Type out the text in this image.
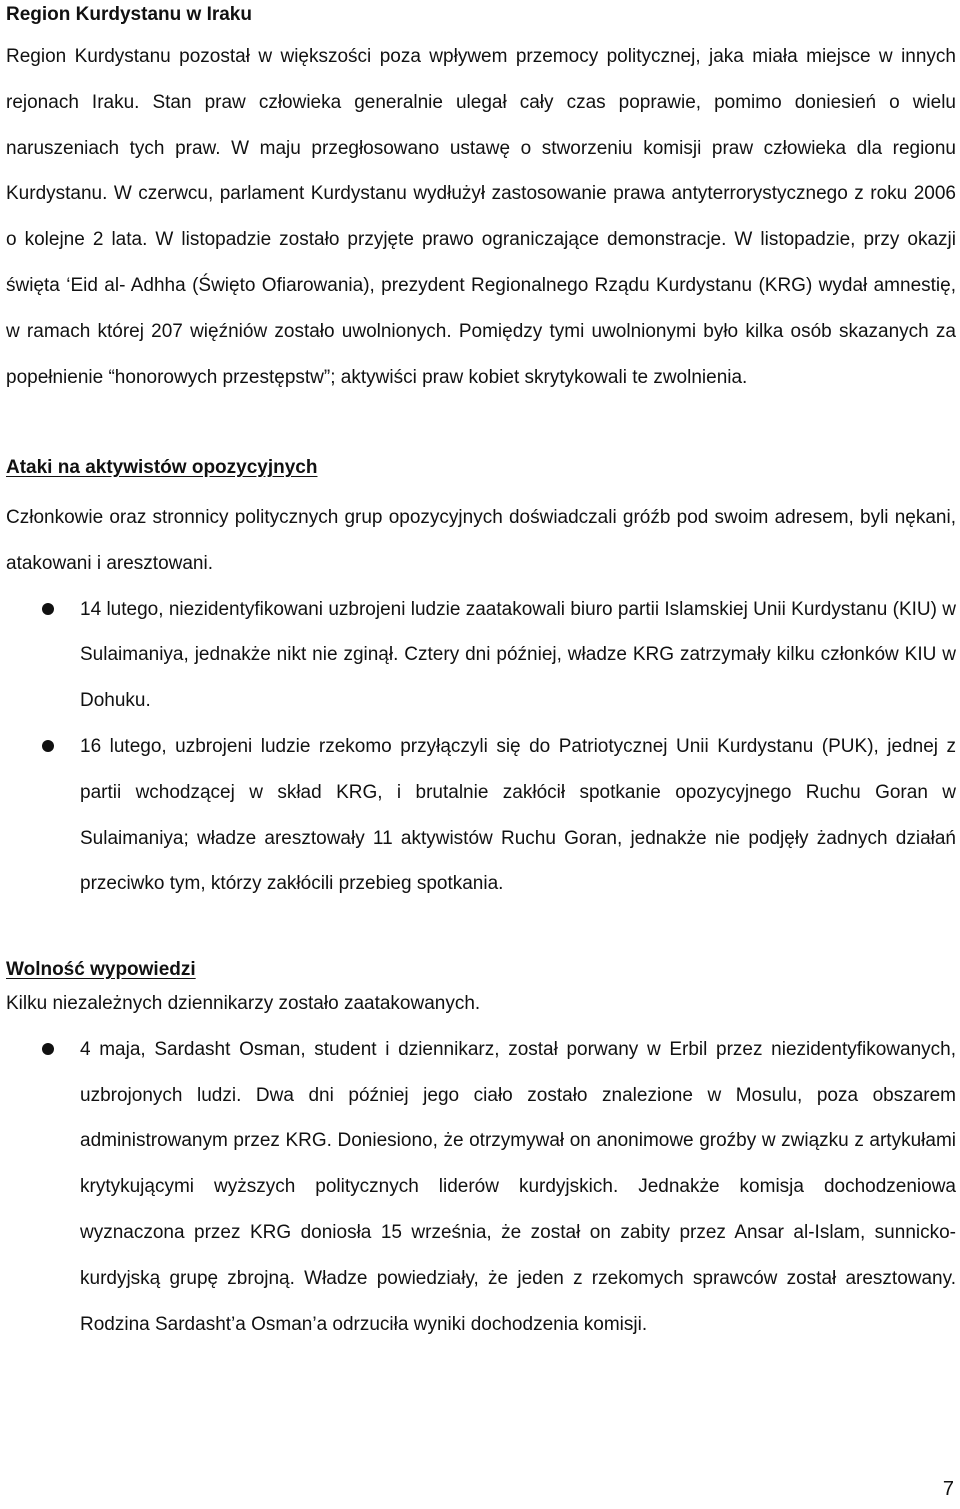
Region Kurdystanu w Iraku

Region Kurdystanu pozostał w większości poza wpływem przemocy politycznej, jaka miała miejsce w innych rejonach Iraku. Stan praw człowieka generalnie ulegał cały czas poprawie, pomimo doniesień o wielu naruszeniach tych praw. W maju przegłosowano ustawę o stworzeniu komisji praw człowieka dla regionu Kurdystanu. W czerwcu, parlament Kurdystanu wydłużył zastosowanie prawa antyterrorystycznego z roku 2006 o kolejne 2 lata. W listopadzie zostało przyjęte prawo ograniczające demonstracje. W listopadzie, przy okazji święta ‘Eid al- Adhha (Święto Ofiarowania), prezydent Regionalnego Rządu Kurdystanu (KRG) wydał amnestię, w ramach której 207 więźniów zostało uwolnionych. Pomiędzy tymi uwolnionymi było kilka osób skazanych za popełnienie “honorowych przestępstw”; aktywiści praw kobiet skrytykowali te zwolnienia.

Ataki na aktywistów opozycyjnych

Członkowie oraz stronnicy politycznych grup opozycyjnych doświadczali gróźb pod swoim adresem, byli nękani, atakowani i aresztowani.

14 lutego, niezidentyfikowani uzbrojeni ludzie zaatakowali biuro partii Islamskiej Unii Kurdystanu (KIU) w Sulaimaniya, jednakże nikt nie zginął. Cztery dni później, władze KRG zatrzymały kilku członków KIU w Dohuku.
16 lutego, uzbrojeni ludzie rzekomo przyłączyli się do Patriotycznej Unii Kurdystanu (PUK), jednej z partii wchodzącej w skład KRG, i brutalnie zakłócił spotkanie opozycyjnego Ruchu Goran w Sulaimaniya; władze aresztowały 11 aktywistów Ruchu Goran, jednakże nie podjęły żadnych działań przeciwko tym, którzy zakłócili przebieg spotkania.
Wolność wypowiedzi

Kilku niezależnych dziennikarzy zostało zaatakowanych.

4 maja, Sardasht Osman, student i dziennikarz, został porwany w Erbil przez niezidentyfikowanych, uzbrojonych ludzi. Dwa dni później jego ciało zostało znalezione w Mosulu, poza obszarem administrowanym przez KRG. Doniesiono, że otrzymywał on anonimowe groźby w związku z artykułami krytykującymi wyższych politycznych liderów kurdyjskich. Jednakże komisja dochodzeniowa wyznaczona przez KRG doniosła 15 września, że został on zabity przez Ansar al-Islam, sunnicko-kurdyjską grupę zbrojną. Władze powiedziały, że jeden z rzekomych sprawców został aresztowany. Rodzina Sardasht’a Osman’a odrzuciła wyniki dochodzenia komisji.
7
